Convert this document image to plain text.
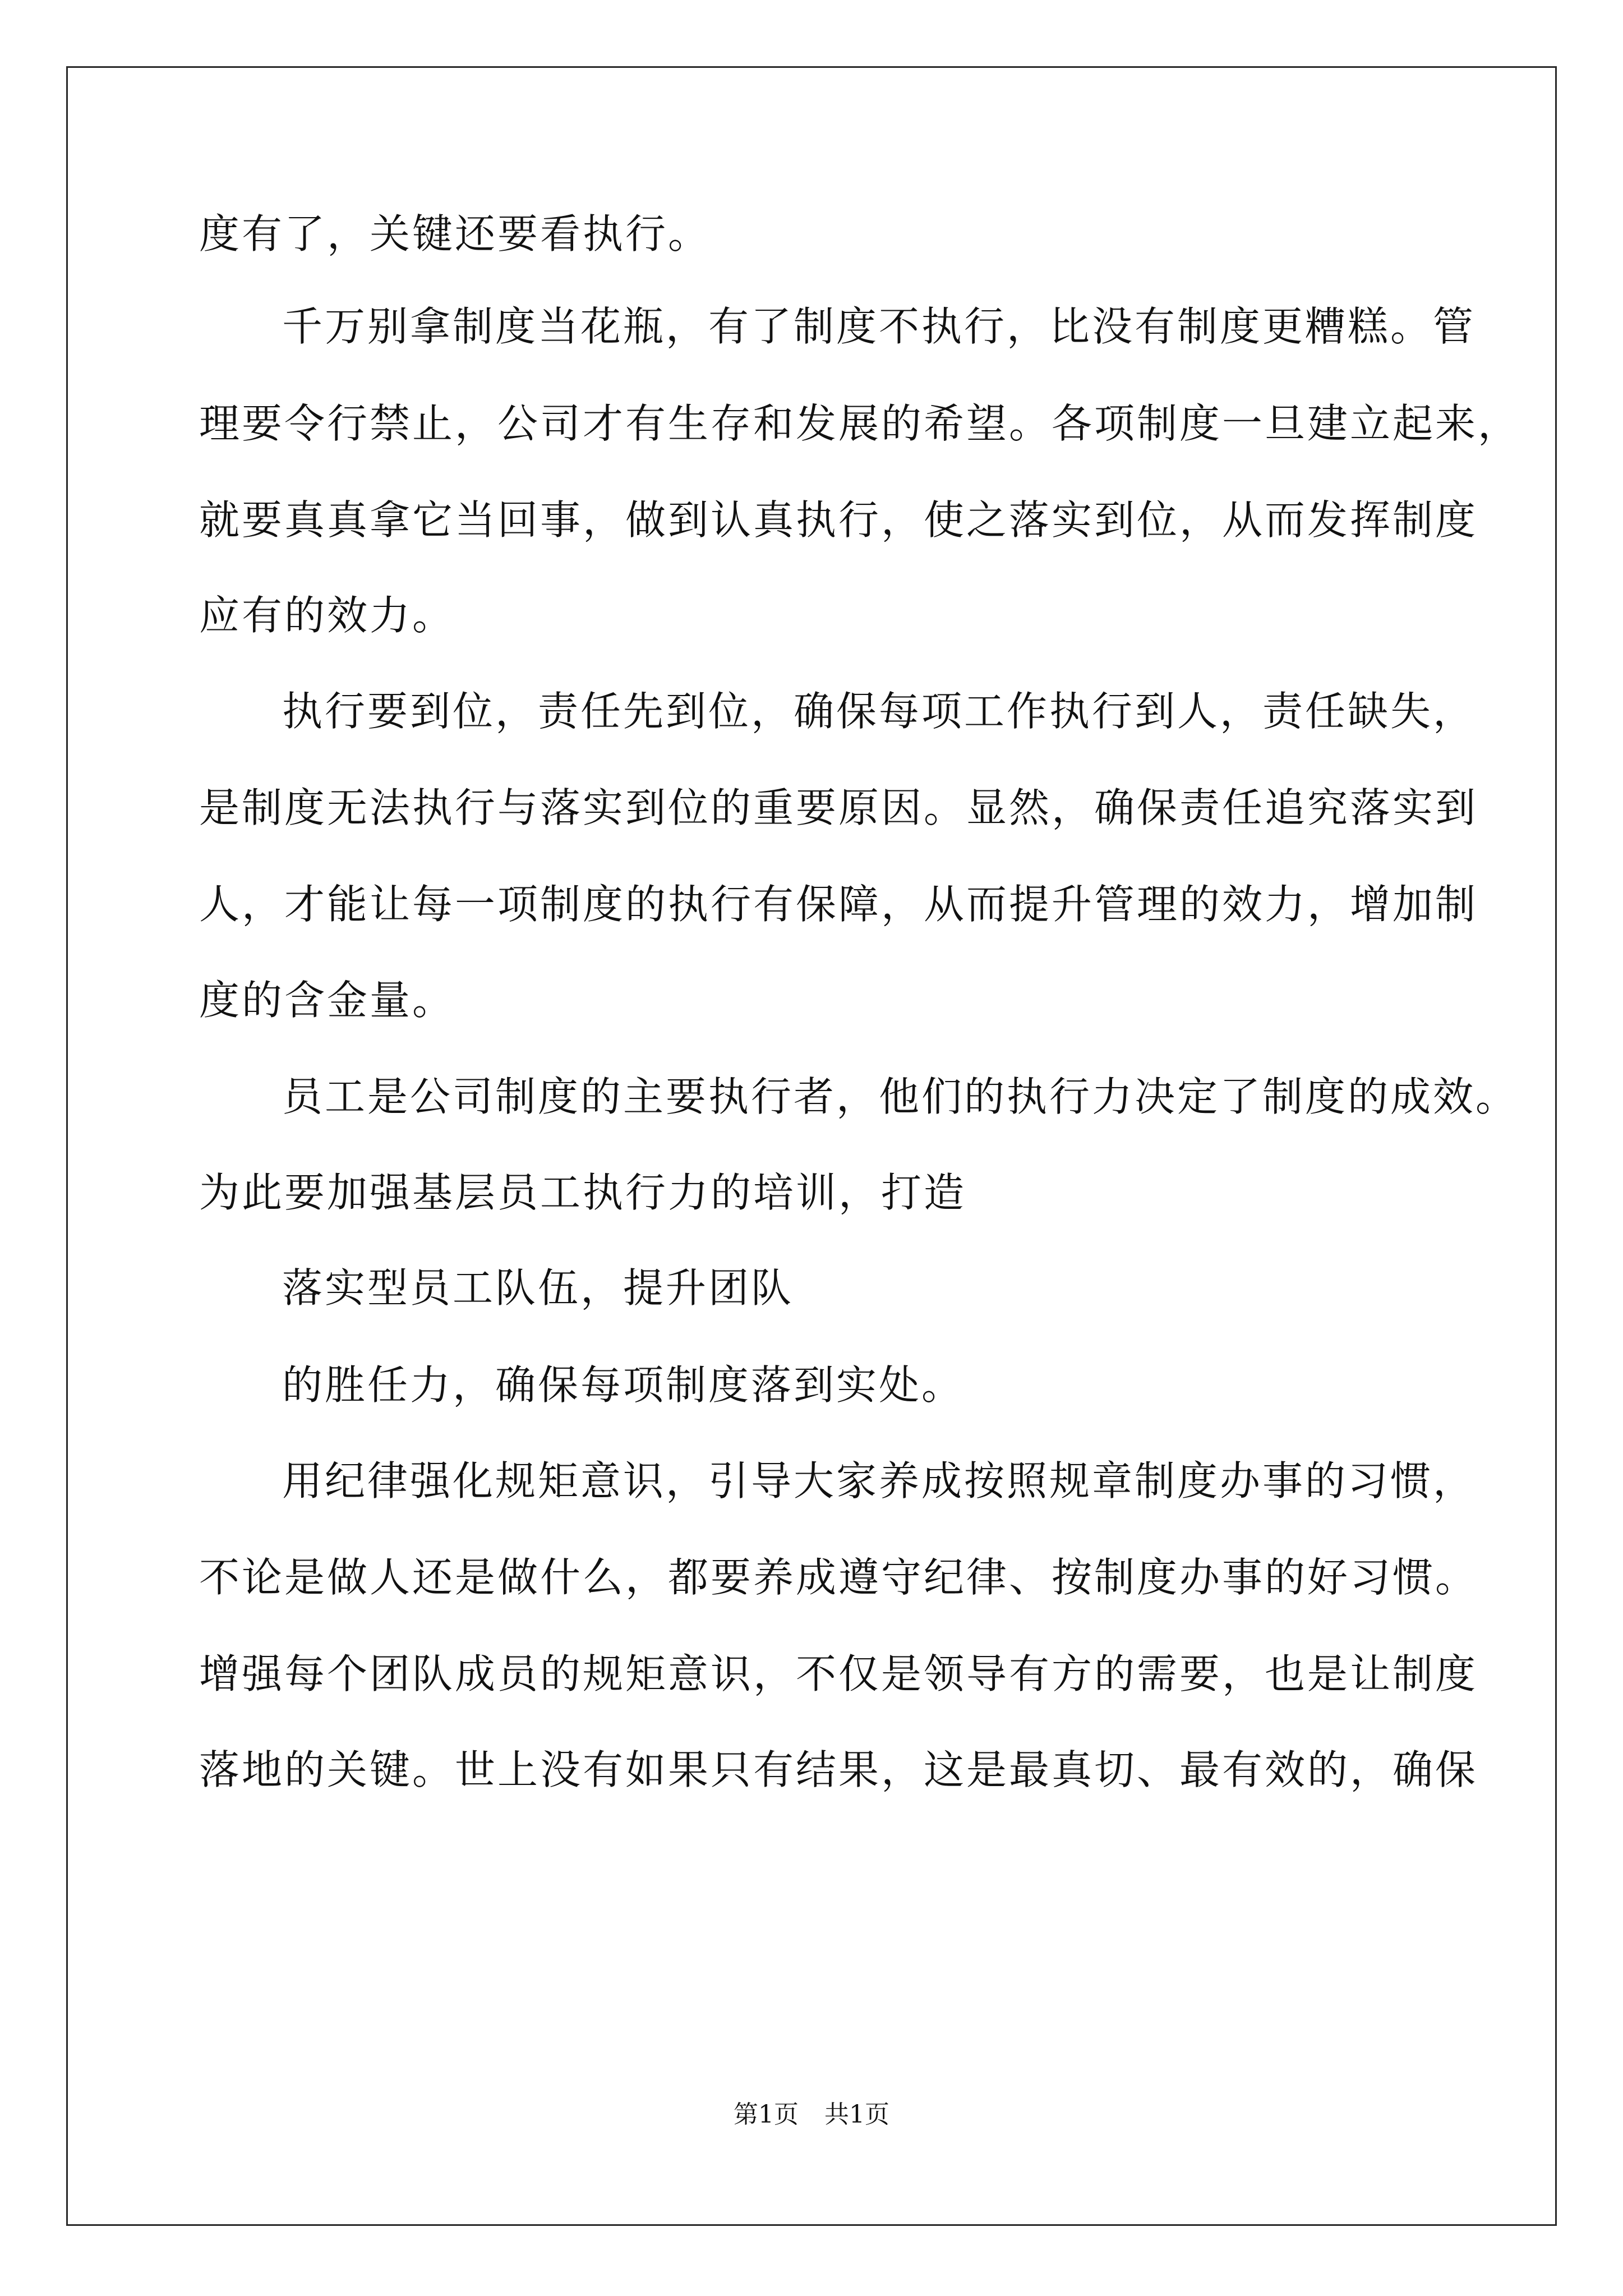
度有了，关键还要看执行。
千万别拿制度当花瓶，有了制度不执行，比没有制度更糟糕。管
理要令行禁止，公司才有生存和发展的希望。各项制度一旦建立起来，
就要真真拿它当回事，做到认真执行，使之落实到位，从而发挥制度
应有的效力。
执行要到位，责任先到位，确保每项工作执行到人，责任缺失，
是制度无法执行与落实到位的重要原因。显然，确保责任追究落实到
人，才能让每一项制度的执行有保障，从而提升管理的效力，增加制
度的含金量。
员工是公司制度的主要执行者，他们的执行力决定了制度的成效。
为此要加强基层员工执行力的培训，打造
落实型员工队伍，提升团队
的胜任力，确保每项制度落到实处。
用纪律强化规矩意识，引导大家养成按照规章制度办事的习惯，
不论是做人还是做什么，都要养成遵守纪律、按制度办事的好习惯。
增强每个团队成员的规矩意识，不仅是领导有方的需要，也是让制度
落地的关键。世上没有如果只有结果，这是最真切、最有效的，确保
第1页 共1页
